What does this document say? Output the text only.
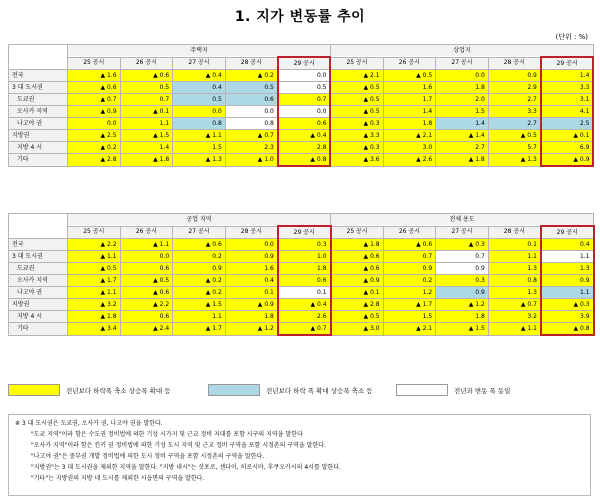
1. 지가 변동률 추이
(단위 : %)
	주택지					상업지				
	25 공시	26 공시	27 공시	28 공시	29 공시	25 공시	26 공시	27 공시	28 공시	29 공시
전국	▲ 1.6	▲ 0.6	▲ 0.4	▲ 0.2	0.0	▲ 2.1	▲ 0.5	0.0	0.9	1.4
3 대 도시권	▲ 0.6	0.5	0.4	0.5	0.5	▲ 0.5	1.6	1.8	2.9	3.3
도쿄권	▲ 0.7	0.7	0.5	0.6	0.7	▲ 0.5	1.7	2.0	2.7	3.1
오사카 지역	▲ 0.9	▲ 0.1	0.0	0.0	0.0	▲ 0.5	1.4	1.5	3.3	4.1
나고야 권	0.0	1.1	0.8	0.8	0.6	▲ 0.3	1.8	1.4	2.7	2.5
지방권	▲ 2.5	▲ 1.5	▲ 1.1	▲ 0.7	▲ 0.4	▲ 3.3	▲ 2.1	▲ 1.4	▲ 0.5	▲ 0.1
지방 4 시	▲ 0.2	1.4	1.5	2.3	2.8	▲ 0.3	3.0	2.7	5.7	6.9
기타	▲ 2.8	▲ 1.8	▲ 1.3	▲ 1.0	▲ 0.8	▲ 3.6	▲ 2.6	▲ 1.8	▲ 1.3	▲ 0.9
	공업 지역					전체 용도				
	25 공시	26 공시	27 공시	28 공시	29 공시	25 공시	26 공시	27 공시	28 공시	29 공시
전국	▲ 2.2	▲ 1.1	▲ 0.6	0.0	0.3	▲ 1.8	▲ 0.6	▲ 0.3	0.1	0.4
3 대 도시권	▲ 1.1	0.0	0.2	0.9	1.0	▲ 0.6	0.7	0.7	1.1	1.1
도쿄권	▲ 0.5	0.6	0.9	1.6	1.8	▲ 0.6	0.9	0.9	1.3	1.3
오사카 지역	▲ 1.7	▲ 0.5	▲ 0.2	0.4	0.6	▲ 0.9	0.2	0.3	0.8	0.9
나고야 권	▲ 1.1	▲ 0.6	▲ 0.2	0.1	0.1	▲ 0.1	1.2	0.9	1.3	1.1
지방권	▲ 3.2	▲ 2.2	▲ 1.5	▲ 0.9	▲ 0.4	▲ 2.8	▲ 1.7	▲ 1.2	▲ 0.7	▲ 0.3
지방 4 시	▲ 1.8	0.6	1.1	1.8	2.6	▲ 0.5	1.5	1.8	3.2	3.9
기타	▲ 3.4	▲ 2.4	▲ 1.7	▲ 1.2	▲ 0.7	▲ 3.0	▲ 2.1	▲ 1.5	▲ 1.1	▲ 0.8
전년보다 하락폭 축소 상승폭 확대 등	전년보다 하락 폭 확대 상승폭 축소 등	전년과 변동 폭 동일
※ 3 대 도시권은 도쿄권, 오사카 권, 나고야 권을 말한다.
"도쿄 지역"이라 함은 수도권 정비법에 의한 기성 시가지 및 근교 정비 지대를 포함 시구의 지역을 말한다
"오사카 지역"이라 함은 킨키 권 정비법에 의한 기성 도시 지역 및 근교 정비 구역을 포함 시정촌의 구역을 말한다.
"나고야 권"은 중부권 개발 정비법에 의한 도시 정비 구역을 포함 시정촌의 구역을 말한다.
"지방권"는 3 대 도시권을 제외한 지역을 말한다. "지방 네시"는 삿포로, 센다이, 히로시마, 후쿠오카시의 4시를 말한다.
"기타"는 지방권의 지방 네 도시를 제외한 시읍면의 구역을 말한다.
